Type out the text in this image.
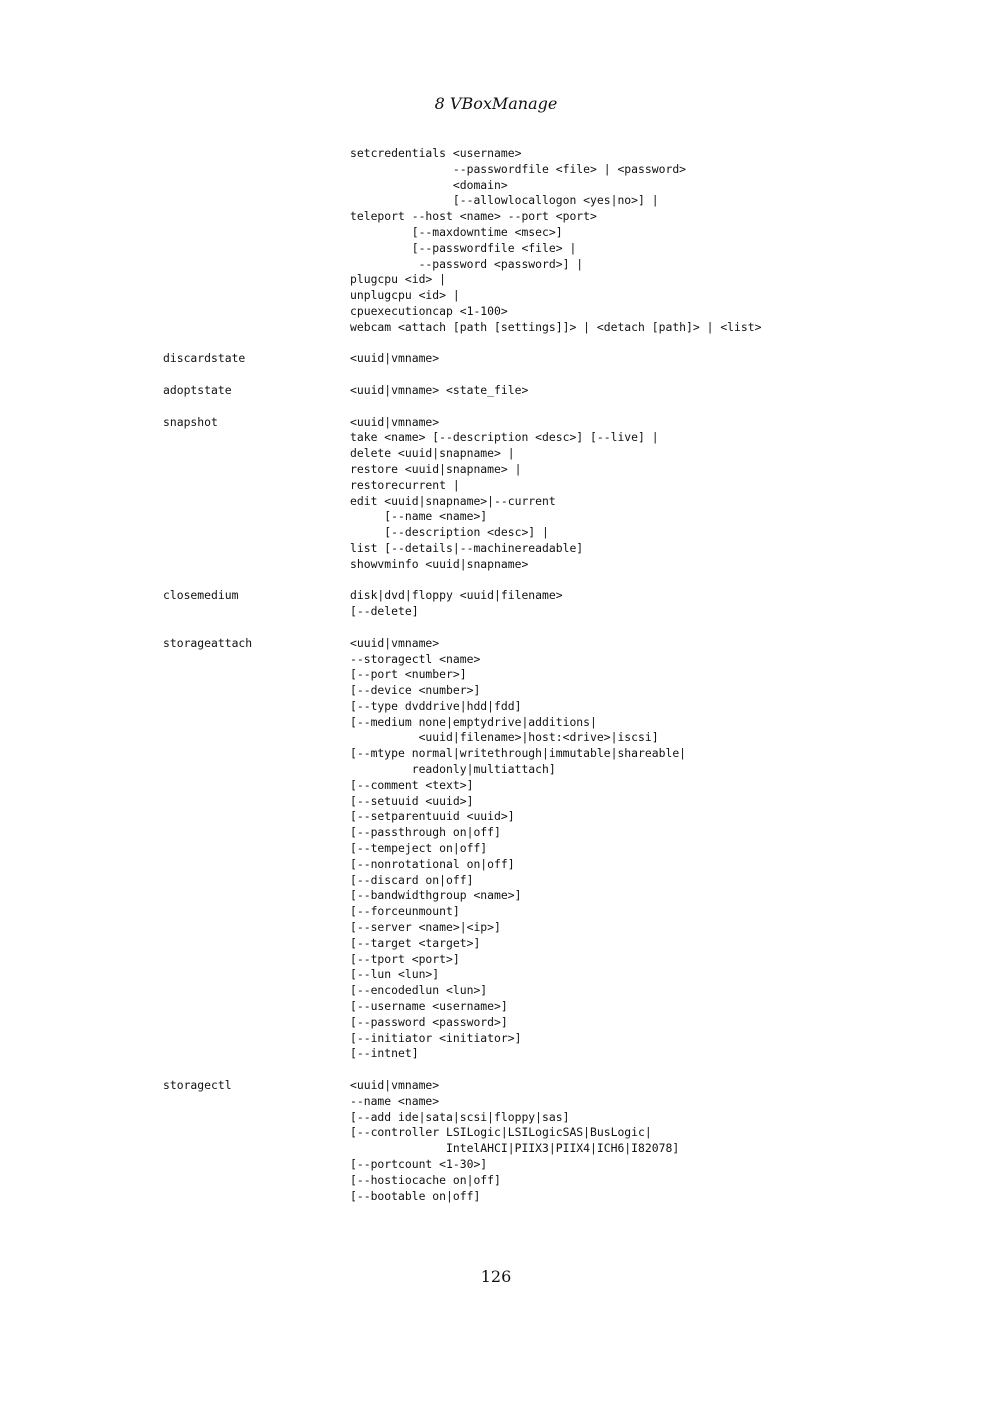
8 VBoxManage
setcredentials <username>
--passwordfile <file> | <password>
<domain>
[--allowlocallogon <yes|no>] |
teleport --host <name> --port <port>
[--maxdowntime <msec>]
[--passwordfile <file> |
--password <password>] |
plugcpu <id> |
unplugcpu <id> |
cpuexecutioncap <1-100>
webcam <attach [path [settings]]> | <detach [path]> | <list>
discardstate	<uuid|vmname>
adoptstate	<uuid|vmname> <state_file>
snapshot	<uuid|vmname>
take <name> [--description <desc>] [--live] |
delete <uuid|snapname> |
restore <uuid|snapname> |
restorecurrent |
edit <uuid|snapname>|--current
[--name <name>]
[--description <desc>] |
list [--details|--machinereadable]
showvminfo <uuid|snapname>
closemedium	disk|dvd|floppy <uuid|filename>
[--delete]
storageattach	<uuid|vmname>
--storagectl <name>
[--port <number>]
[--device <number>]
[--type dvddrive|hdd|fdd]
[--medium none|emptydrive|additions|
<uuid|filename>|host:<drive>|iscsi]
[--mtype normal|writethrough|immutable|shareable|
readonly|multiattach]
[--comment <text>]
[--setuuid <uuid>]
[--setparentuuid <uuid>]
[--passthrough on|off]
[--tempeject on|off]
[--nonrotational on|off]
[--discard on|off]
[--bandwidthgroup <name>]
[--forceunmount]
[--server <name>|<ip>]
[--target <target>]
[--tport <port>]
[--lun <lun>]
[--encodedlun <lun>]
[--username <username>]
[--password <password>]
[--initiator <initiator>]
[--intnet]
storagectl	<uuid|vmname>
--name <name>
[--add ide|sata|scsi|floppy|sas]
[--controller LSILogic|LSILogicSAS|BusLogic|
IntelAHCI|PIIX3|PIIX4|ICH6|I82078]
[--portcount <1-30>]
[--hostiocache on|off]
[--bootable on|off]
126
